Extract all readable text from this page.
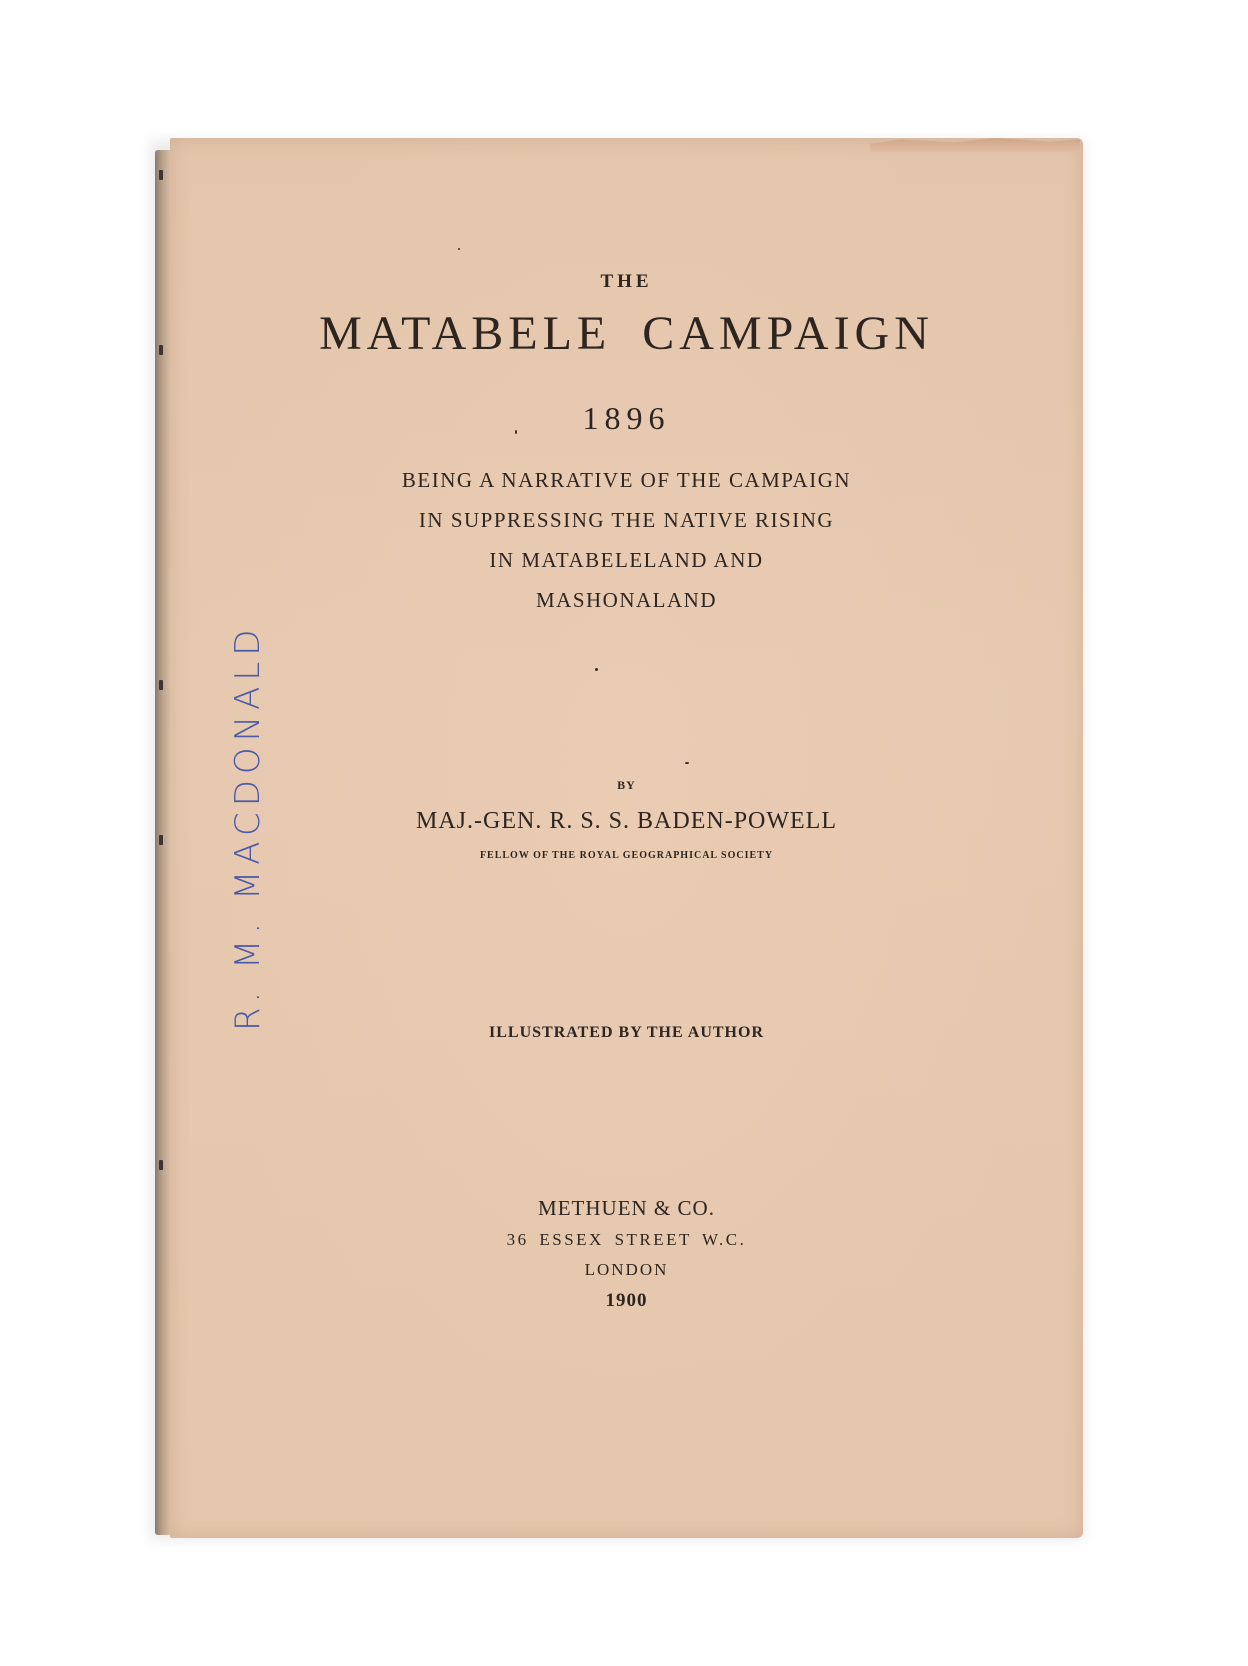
THE
MATABELE CAMPAIGN
1896
BEING A NARRATIVE OF THE CAMPAIGN
IN SUPPRESSING THE NATIVE RISING
IN MATABELELAND AND
MASHONALAND
BY
MAJ.-GEN. R. S. S. BADEN-POWELL
FELLOW OF THE ROYAL GEOGRAPHICAL SOCIETY
ILLUSTRATED BY THE AUTHOR
METHUEN & CO.
36 ESSEX STREET W.C.
LONDON
1900
R. M. MACDONALD
